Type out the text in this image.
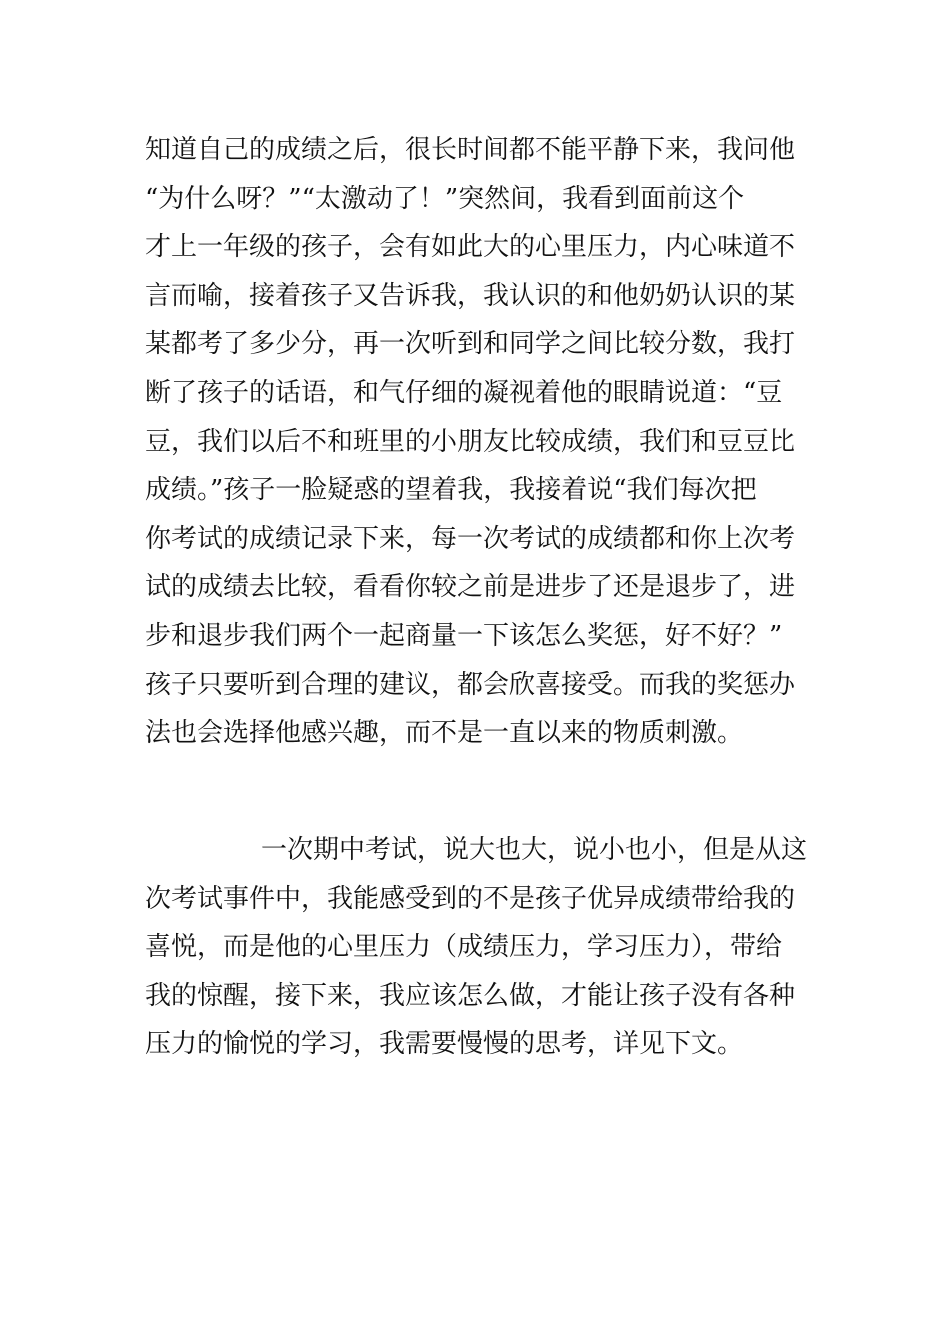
知道自己的成绩之后，很长时间都不能平静下来，我问他
“为什么呀？”“太激动了！”突然间，我看到面前这个
才上一年级的孩子，会有如此大的心里压力，内心味道不
言而喻，接着孩子又告诉我，我认识的和他奶奶认识的某
某都考了多少分，再一次听到和同学之间比较分数，我打
断了孩子的话语，和气仔细的凝视着他的眼睛说道：“豆
豆，我们以后不和班里的小朋友比较成绩，我们和豆豆比
成绩。”孩子一脸疑惑的望着我，我接着说“我们每次把
你考试的成绩记录下来，每一次考试的成绩都和你上次考
试的成绩去比较，看看你较之前是进步了还是退步了，进
步和退步我们两个一起商量一下该怎么奖惩，好不好？”
孩子只要听到合理的建议，都会欣喜接受。而我的奖惩办
法也会选择他感兴趣，而不是一直以来的物质刺激。
一次期中考试，说大也大，说小也小，但是从这
次考试事件中，我能感受到的不是孩子优异成绩带给我的
喜悦，而是他的心里压力（成绩压力，学习压力），带给
我的惊醒，接下来，我应该怎么做，才能让孩子没有各种
压力的愉悦的学习，我需要慢慢的思考，详见下文。
